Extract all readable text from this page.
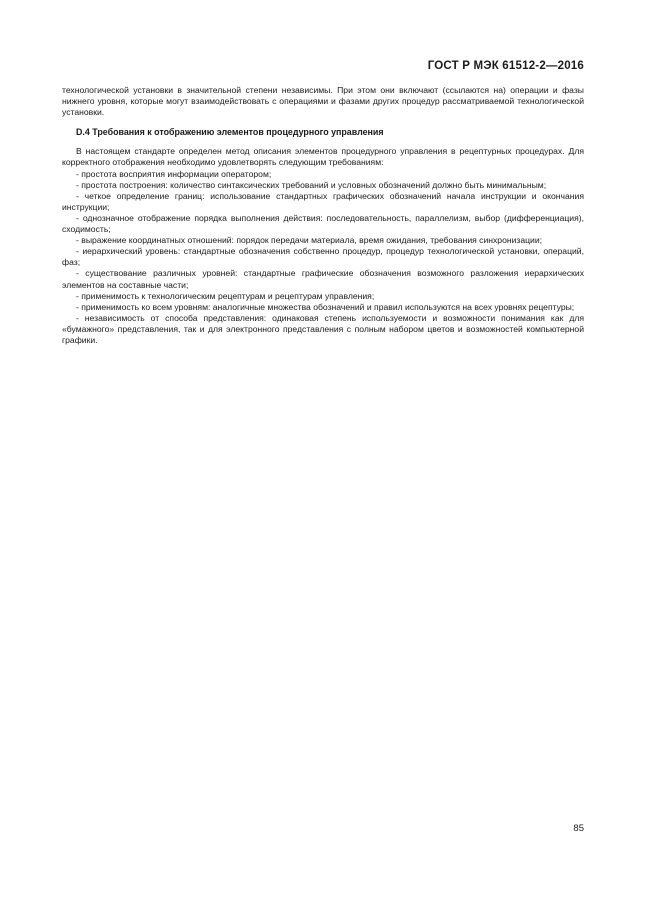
ГОСТ Р МЭК 61512-2—2016

технологической установки в значительной степени независимы. При этом они включают (ссылаются на) операции и фазы нижнего уровня, которые могут взаимодействовать с операциями и фазами других процедур рассматриваемой технологической установки.

D.4 Требования к отображению элементов процедурного управления

В настоящем стандарте определен метод описания элементов процедурного управления в рецептурных процедурах. Для корректного отображения необходимо удовлетворять следующим требованиям:

- простота восприятия информации оператором;
- простота построения: количество синтаксических требований и условных обозначений должно быть минимальным;
- четкое определение границ: использование стандартных графических обозначений начала инструкции и окончания инструкции;
- однозначное отображение порядка выполнения действия: последовательность, параллелизм, выбор (дифференциация), сходимость;
- выражение координатных отношений: порядок передачи материала, время ожидания, требования синхронизации;
- иерархический уровень: стандартные обозначения собственно процедур, процедур технологической установки, операций, фаз;
- существование различных уровней: стандартные графические обозначения возможного разложения иерархических элементов на составные части;
- применимость к технологическим рецептурам и рецептурам управления;
- применимость ко всем уровням: аналогичные множества обозначений и правил используются на всех уровнях рецептуры;
- независимость от способа представления: одинаковая степень используемости и возможности понимания как для «бумажного» представления, так и для электронного представления с полным набором цветов и возможностей компьютерной графики.
85
